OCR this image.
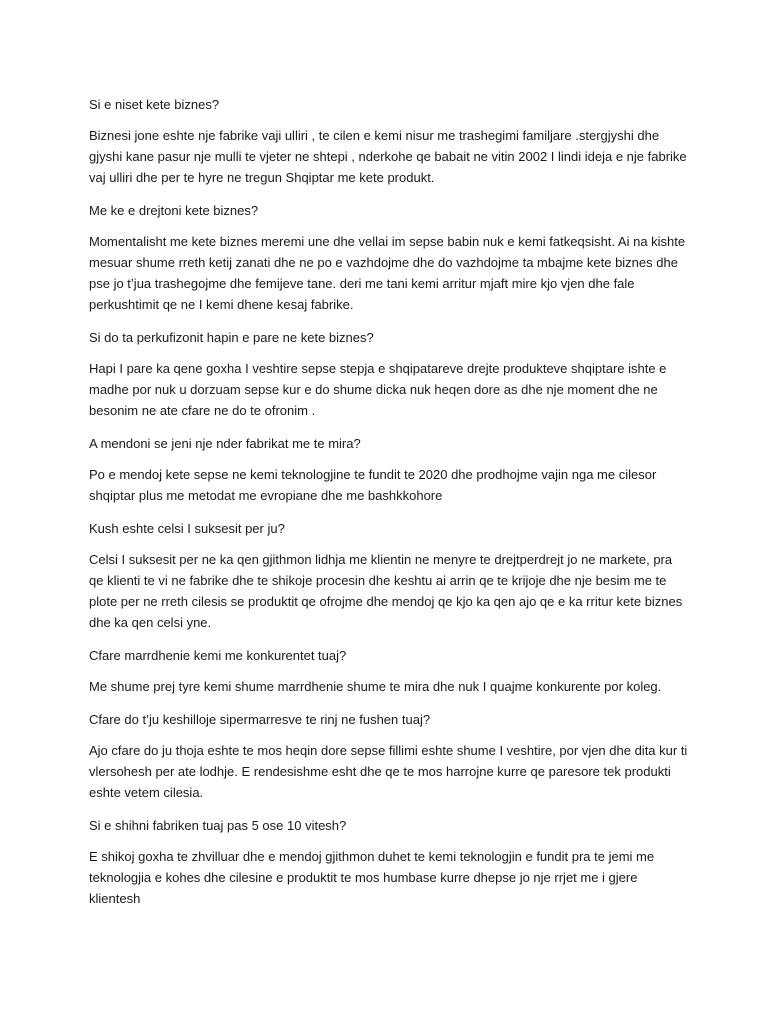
Si e niset kete biznes?

Biznesi jone eshte nje fabrike vaji ulliri , te cilen e kemi nisur me trashegimi familjare .stergjyshi dhe gjyshi kane pasur nje mulli te vjeter ne shtepi , nderkohe qe babait ne vitin 2002 I lindi ideja e nje fabrike vaj ulliri dhe per te hyre ne tregun Shqiptar me kete produkt.

Me ke e drejtoni kete biznes?

Momentalisht me kete biznes meremi une dhe vellai im sepse babin nuk e kemi fatkeqsisht. Ai na kishte mesuar shume rreth ketij zanati dhe ne po e vazhdojme dhe do vazhdojme ta mbajme kete biznes dhe pse jo t’jua trashegojme dhe femijeve tane. deri me tani kemi arritur mjaft mire kjo vjen dhe fale perkushtimit qe ne I kemi dhene kesaj fabrike.

Si do ta perkufizonit hapin e pare ne kete biznes?

Hapi I pare ka qene goxha I veshtire sepse stepja e shqipatareve drejte produkteve shqiptare ishte e madhe por nuk u dorzuam sepse kur e do shume dicka nuk heqen dore as dhe nje moment dhe ne besonim ne ate cfare ne do te ofronim .

A mendoni se jeni nje nder fabrikat me te mira?

Po e mendoj kete sepse ne kemi teknologjine te fundit te 2020 dhe prodhojme vajin nga me cilesor shqiptar plus me metodat me evropiane dhe me bashkkohore

Kush eshte celsi I suksesit per ju?

Celsi I suksesit per ne ka qen gjithmon lidhja me klientin ne menyre te drejtperdrejt jo ne markete, pra qe klienti te vi ne fabrike dhe te shikoje procesin dhe keshtu ai arrin qe te krijoje dhe nje besim me te plote per ne rreth cilesis se produktit qe ofrojme dhe mendoj qe kjo ka qen ajo qe e ka rritur kete biznes dhe ka qen celsi yne.

Cfare marrdhenie kemi me konkurentet tuaj?

Me shume prej tyre kemi shume marrdhenie shume te mira dhe nuk I quajme konkurente por koleg.

Cfare do t’ju keshilloje sipermarresve te rinj ne fushen tuaj?

Ajo cfare do ju thoja eshte te mos heqin dore sepse fillimi eshte shume I veshtire, por vjen dhe dita kur ti vlersohesh per ate lodhje. E rendesishme esht dhe qe te mos harrojne kurre qe paresore tek produkti eshte vetem cilesia.

Si e shihni fabriken tuaj pas 5 ose 10 vitesh?

E shikoj goxha te zhvilluar dhe e mendoj gjithmon duhet te kemi teknologjin e fundit pra te jemi me teknologjia e kohes dhe cilesine e produktit te mos humbase kurre dhepse jo nje rrjet me i gjere klientesh
